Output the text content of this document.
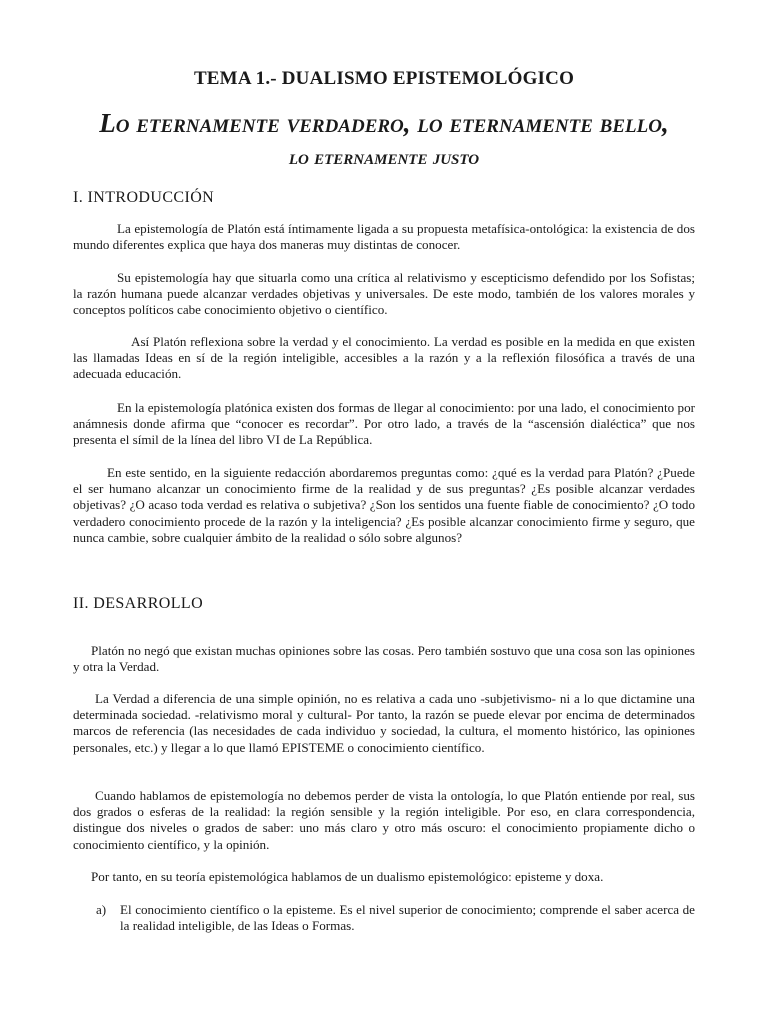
TEMA 1.- DUALISMO EPISTEMOLÓGICO
Lo eternamente verdadero, lo eternamente bello,
lo eternamente justo
I. INTRODUCCIÓN

La epistemología de Platón está íntimamente ligada a su propuesta metafísica-ontológica: la existencia de dos mundo diferentes explica que haya dos maneras muy distintas de conocer.

Su epistemología hay que situarla como una crítica al relativismo y escepticismo defendido por los Sofistas; la razón humana puede alcanzar verdades objetivas y universales. De este modo, también de los valores morales y conceptos políticos cabe conocimiento objetivo o científico.

Así Platón reflexiona sobre la verdad y el conocimiento. La verdad es posible en la medida en que existen las llamadas Ideas en sí de la región inteligible, accesibles a la razón y a la reflexión filosófica a través de una adecuada educación.

En la epistemología platónica existen dos formas de llegar al conocimiento: por una lado, el conocimiento por anámnesis donde afirma que “conocer es recordar”. Por otro lado, a través de la “ascensión dialéctica” que nos presenta el símil de la línea del libro VI de La República.

En este sentido, en la siguiente redacción abordaremos preguntas como: ¿qué es la verdad para Platón? ¿Puede el ser humano alcanzar un conocimiento firme de la realidad y de sus preguntas? ¿Es posible alcanzar verdades objetivas? ¿O acaso toda verdad es relativa o subjetiva? ¿Son los sentidos una fuente fiable de conocimiento? ¿O todo verdadero conocimiento procede de la razón y la inteligencia? ¿Es posible alcanzar conocimiento firme y seguro, que nunca cambie, sobre cualquier ámbito de la realidad o sólo sobre algunos?

II. DESARROLLO

Platón no negó que existan muchas opiniones sobre las cosas. Pero también sostuvo que una cosa son las opiniones y otra la Verdad.

La Verdad a diferencia de una simple opinión, no es relativa a cada uno -subjetivismo- ni a lo que dictamine una determinada sociedad. -relativismo moral y cultural- Por tanto, la razón se puede elevar por encima de determinados marcos de referencia (las necesidades de cada individuo y sociedad, la cultura, el momento histórico, las opiniones personales, etc.) y llegar a lo que llamó EPISTEME o conocimiento científico.

Cuando hablamos de epistemología no debemos perder de vista la ontología, lo que Platón entiende por real, sus dos grados o esferas de la realidad: la región sensible y la región inteligible. Por eso, en clara correspondencia, distingue dos niveles o grados de saber: uno más claro y otro más oscuro: el conocimiento propiamente dicho o conocimiento científico, y la opinión.

Por tanto, en su teoría epistemológica hablamos de un dualismo epistemológico: episteme y doxa.

a) El conocimiento científico o la episteme. Es el nivel superior de conocimiento; comprende el saber acerca de la realidad inteligible, de las Ideas o Formas.
